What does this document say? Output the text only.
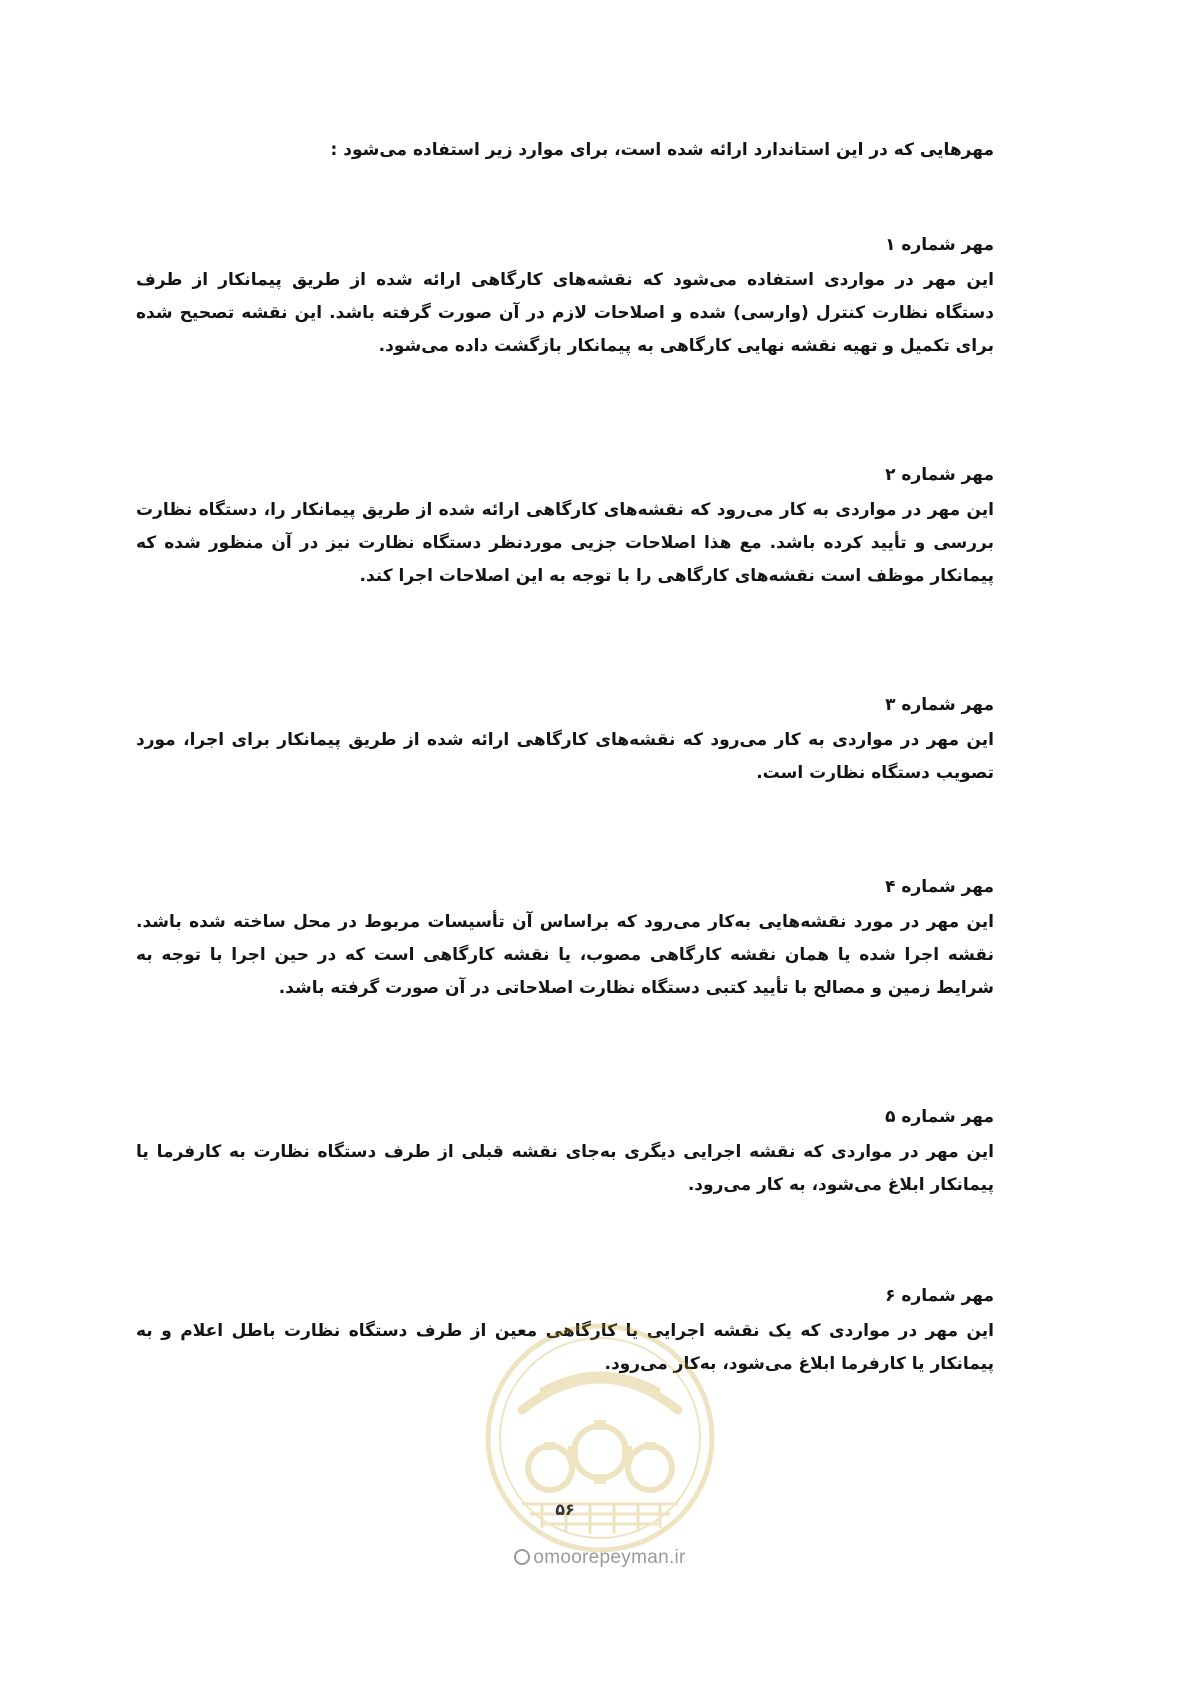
مهرهایی که در این استاندارد ارائه شده است، برای موارد زیر استفاده می‌شود :
مهر شماره ۱
این مهر در مواردی استفاده می‌شود که نقشه‌های کارگاهی ارائه شده از طریق پیمانکار از طرف دستگاه نظارت کنترل (وارسی) شده و اصلاحات لازم در آن صورت گرفته باشد. این نقشه تصحیح شده برای تکمیل و تهیه نقشه نهایی کارگاهی به پیمانکار بازگشت داده می‌شود.
مهر شماره ۲
این مهر در مواردی به کار می‌رود که نقشه‌های کارگاهی ارائه شده از طریق پیمانکار را، دستگاه نظارت بررسی و تأیید کرده باشد. مع هذا اصلاحات جزیی موردنظر دستگاه نظارت نیز در آن منظور شده که پیمانکار موظف است نقشه‌های کارگاهی را با توجه به این اصلاحات اجرا کند.
مهر شماره ۳
این مهر در مواردی به کار می‌رود که نقشه‌های کارگاهی ارائه شده از طریق پیمانکار برای اجرا، مورد تصویب دستگاه نظارت است.
مهر شماره ۴
این مهر در مورد نقشه‌هایی به‌کار می‌رود که براساس آن تأسیسات مربوط در محل ساخته شده باشد. نقشه اجرا شده یا همان نقشه کارگاهی مصوب، یا نقشه کارگاهی است که در حین اجرا با توجه به شرایط زمین و مصالح با تأیید کتبی دستگاه نظارت اصلاحاتی در آن صورت گرفته باشد.
مهر شماره ۵
این مهر در مواردی که نقشه اجرایی دیگری به‌جای نقشه قبلی از طرف دستگاه نظارت به کارفرما یا پیمانکار ابلاغ می‌شود، به کار می‌رود.
مهر شماره ۶
این مهر در مواردی که یک نقشه اجرایی یا کارگاهی معین از طرف دستگاه نظارت باطل اعلام و به پیمانکار یا کارفرما ابلاغ می‌شود، به‌کار می‌رود.
۵۶
omoorepeyman.ir
